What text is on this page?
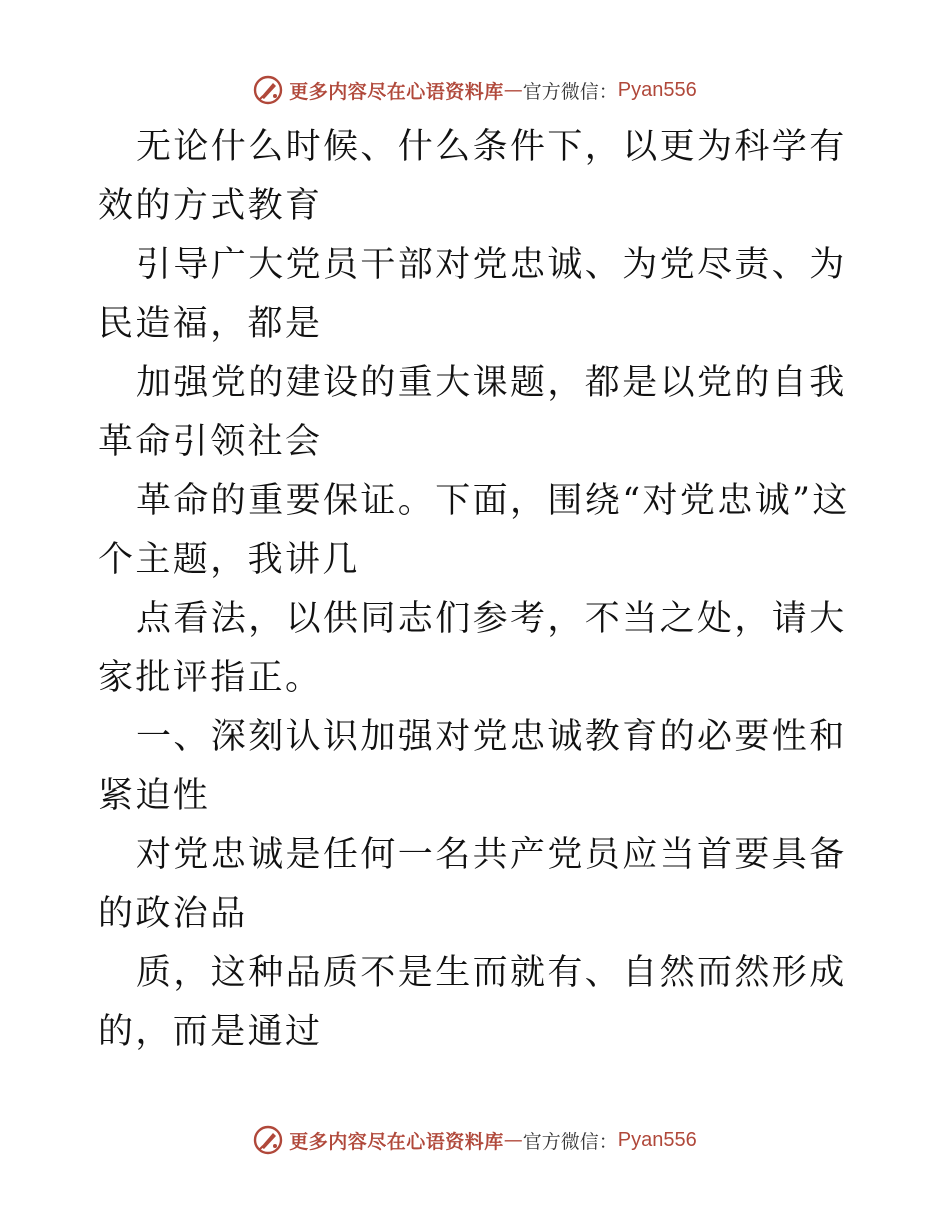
更多内容尽在心语资料库 — 官方微信： Pyan556

无论什么时候、什么条件下，以更为科学有效的方式教育

引导广大党员干部对党忠诚、为党尽责、为民造福，都是

加强党的建设的重大课题，都是以党的自我革命引领社会

革命的重要保证。下面，围绕“对党忠诚”这个主题，我讲几

点看法，以供同志们参考，不当之处，请大家批评指正。

一、深刻认识加强对党忠诚教育的必要性和紧迫性

对党忠诚是任何一名共产党员应当首要具备的政治品

质，这种品质不是生而就有、自然而然形成的，而是通过

更多内容尽在心语资料库 — 官方微信： Pyan556
